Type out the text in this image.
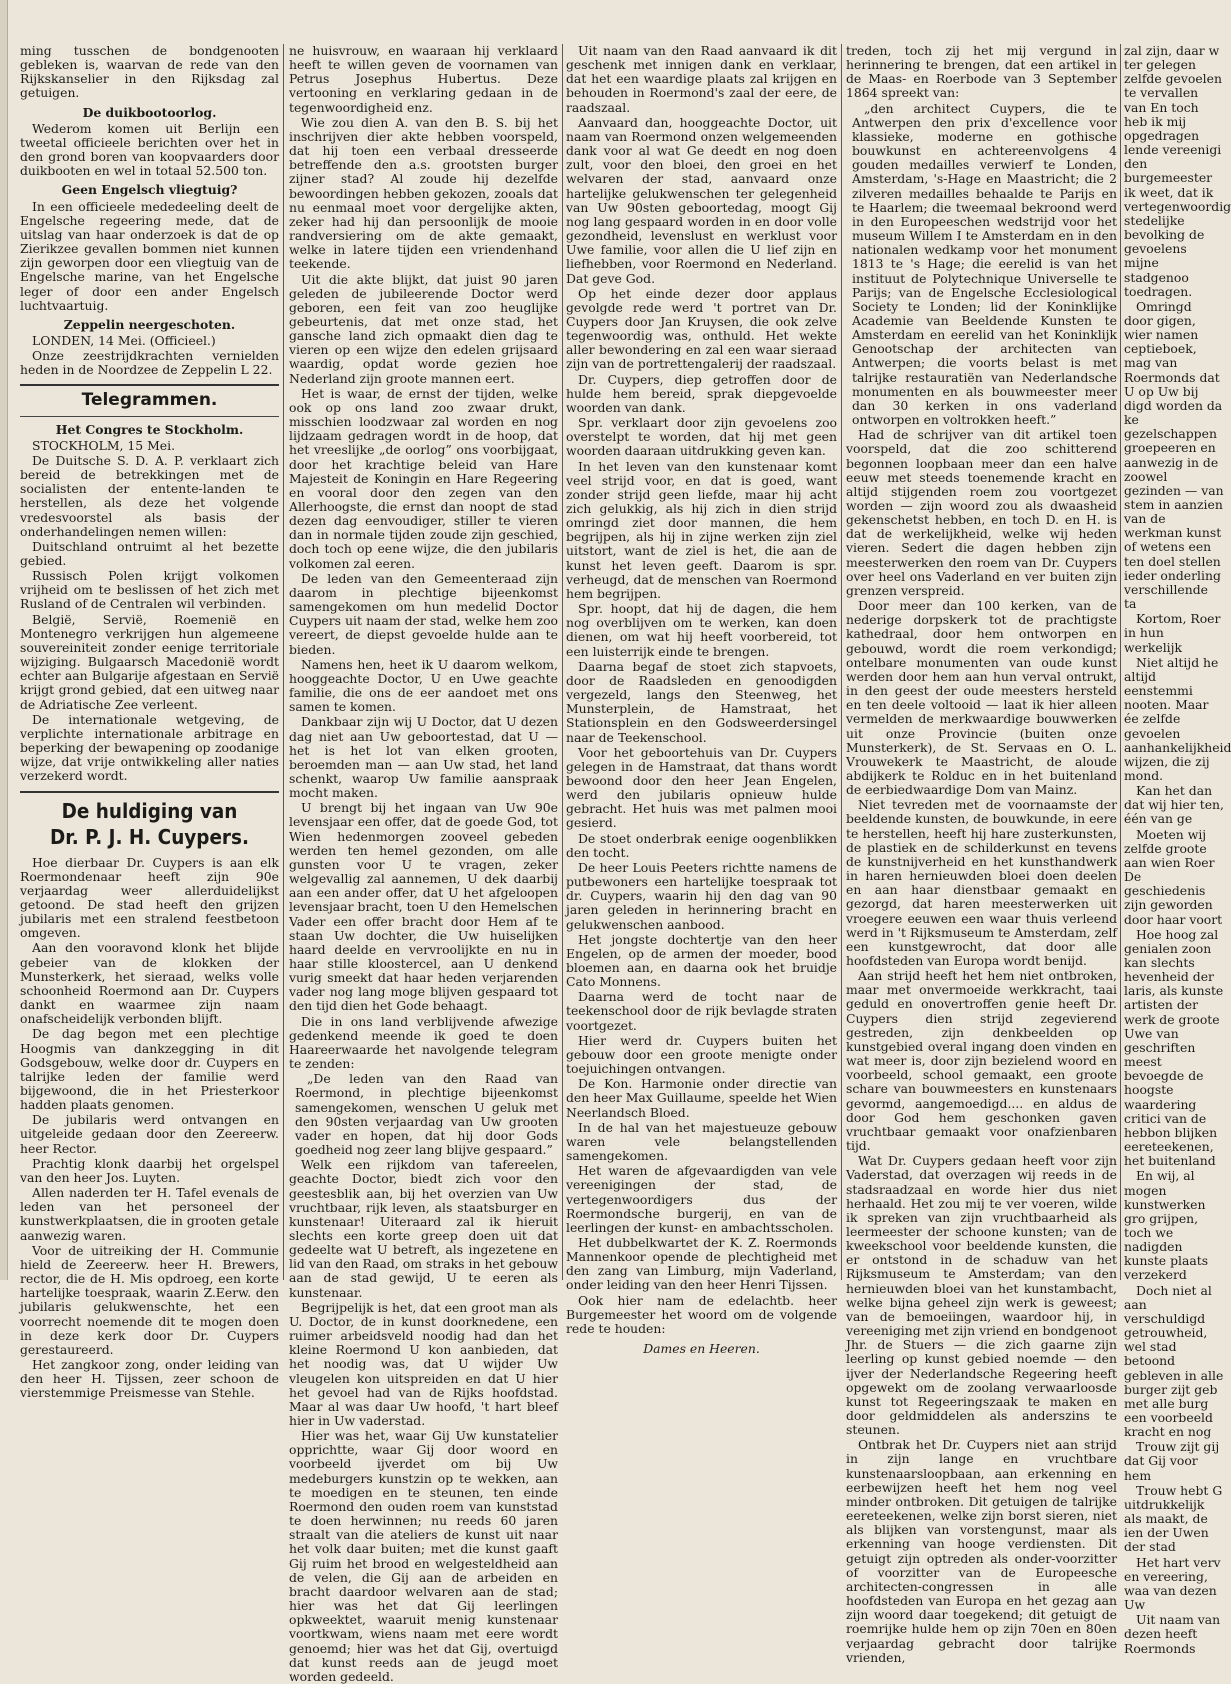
ming tusschen de bondgenooten gebleken is, waarvan de rede van den Rijkskanselier in den Rijksdag zal getuigen.

De duikbootoorlog.

Wederom komen uit Berlijn een tweetal officieele berichten over het in den grond boren van koopvaarders door duikbooten en wel in totaal 52.500 ton.

Geen Engelsch vliegtuig?

In een officieele mededeeling deelt de Engelsche regeering mede, dat de uitslag van haar onderzoek is dat de op Zierikzee gevallen bommen niet kunnen zijn geworpen door een vliegtuig van de Engelsche marine, van het Engelsche leger of door een ander Engelsch luchtvaartuig.

Zeppelin neergeschoten.

LONDEN, 14 Mei. (Officieel.)

Onze zeestrijdkrachten vernielden heden in de Noordzee de Zeppelin L 22.

Telegrammen.
Het Congres te Stockholm.

STOCKHOLM, 15 Mei.

De Duitsche S. D. A. P. verklaart zich bereid de betrekkingen met de socialisten der entente-landen te herstellen, als deze het volgende vredesvoorstel als basis der onderhandelingen nemen willen:

Duitschland ontruimt al het bezette gebied.

Russisch Polen krijgt volkomen vrijheid om te beslissen of het zich met Rusland of de Centralen wil verbinden.

België, Servië, Roemenië en Montenegro verkrijgen hun algemeene souvereiniteit zonder eenige territoriale wijziging. Bulgaarsch Macedonië wordt echter aan Bulgarije afgestaan en Servië krijgt grond gebied, dat een uitweg naar de Adriatische Zee verleent.

De internationale wetgeving, de verplichte internationale arbitrage en beperking der bewapening op zoodanige wijze, dat vrije ontwikkeling aller naties verzekerd wordt.

De huldiging van
Dr. P. J. H. Cuypers.

Hoe dierbaar Dr. Cuypers is aan elk Roermondenaar heeft zijn 90e verjaardag weer allerduidelijkst getoond. De stad heeft den grijzen jubilaris met een stralend feestbetoon omgeven.

Aan den vooravond klonk het blijde gebeier van de klokken der Munsterkerk, het sieraad, welks volle schoonheid Roermond aan Dr. Cuypers dankt en waarmee zijn naam onafscheidelijk verbonden blijft.

De dag begon met een plechtige Hoogmis van dankzegging in dit Godsgebouw, welke door dr. Cuypers en talrijke leden der familie werd bijgewoond, die in het Priesterkoor hadden plaats genomen.

De jubilaris werd ontvangen en uitgeleide gedaan door den Zeereerw. heer Rector.

Prachtig klonk daarbij het orgelspel van den heer Jos. Luyten.

Allen naderden ter H. Tafel evenals de leden van het personeel der kunstwerkplaatsen, die in grooten getale aanwezig waren.

Voor de uitreiking der H. Communie hield de Zeereerw. heer H. Brewers, rector, die de H. Mis opdroeg, een korte hartelijke toespraak, waarin Z.Eerw. den jubilaris gelukwenschte, het een voorrecht noemende dit te mogen doen in deze kerk door Dr. Cuypers gerestaureerd.

Het zangkoor zong, onder leiding van den heer H. Tijssen, zeer schoon de vierstemmige Preismesse van Stehle.

ne huisvrouw, en waaraan hij verklaard heeft te willen geven de voornamen van Petrus Josephus Hubertus. Deze vertooning en verklaring gedaan in de tegenwoordigheid enz.

Wie zou dien A. van den B. S. bij het inschrijven dier akte hebben voorspeld, dat hij toen een verbaal dresseerde betreffende den a.s. grootsten burger zijner stad? Al zoude hij dezelfde bewoordingen hebben gekozen, zooals dat nu eenmaal moet voor dergelijke akten, zeker had hij dan persoonlijk de mooie randversiering om de akte gemaakt, welke in latere tijden een vriendenhand teekende.

Uit die akte blijkt, dat juist 90 jaren geleden de jubileerende Doctor werd geboren, een feit van zoo heuglijke gebeurtenis, dat met onze stad, het gansche land zich opmaakt dien dag te vieren op een wijze den edelen grijsaard waardig, opdat worde gezien hoe Nederland zijn groote mannen eert.

Het is waar, de ernst der tijden, welke ook op ons land zoo zwaar drukt, misschien loodzwaar zal worden en nog lijdzaam gedragen wordt in de hoop, dat het vreeslijke „de oorlog” ons voorbijgaat, door het krachtige beleid van Hare Majesteit de Koningin en Hare Regeering en vooral door den zegen van den Allerhoogste, die ernst dan noopt de stad dezen dag eenvoudiger, stiller te vieren dan in normale tijden zoude zijn geschied, doch toch op eene wijze, die den jubilaris volkomen zal eeren.

De leden van den Gemeenteraad zijn daarom in plechtige bijeenkomst samengekomen om hun medelid Doctor Cuypers uit naam der stad, welke hem zoo vereert, de diepst gevoelde hulde aan te bieden.

Namens hen, heet ik U daarom welkom, hooggeachte Doctor, U en Uwe geachte familie, die ons de eer aandoet met ons samen te komen.

Dankbaar zijn wij U Doctor, dat U dezen dag niet aan Uw geboortestad, dat U — het is het lot van elken grooten, beroemden man — aan Uw stad, het land schenkt, waarop Uw familie aanspraak mocht maken.

U brengt bij het ingaan van Uw 90e levensjaar een offer, dat de goede God, tot Wien hedenmorgen zooveel gebeden werden ten hemel gezonden, om alle gunsten voor U te vragen, zeker welgevallig zal aannemen, U dek daarbij aan een ander offer, dat U het afgeloopen levensjaar bracht, toen U den Hemelschen Vader een offer bracht door Hem af te staan Uw dochter, die Uw huiselijken haard deelde en vervroolijkte en nu in haar stille kloostercel, aan U denkend vurig smeekt dat haar heden verjarenden vader nog lang moge blijven gespaard tot den tijd dien het Gode behaagt.

Die in ons land verblijvende afwezige gedenkend meende ik goed te doen Haareerwaarde het navolgende telegram te zenden:

„De leden van den Raad van Roermond, in plechtige bijeenkomst samengekomen, wenschen U geluk met den 90sten verjaardag van Uw grooten vader en hopen, dat hij door Gods goedheid nog zeer lang blijve gespaard.”

Welk een rijkdom van tafereelen, geachte Doctor, biedt zich voor den geestesblik aan, bij het overzien van Uw vruchtbaar, rijk leven, als staatsburger en kunstenaar! Uiteraard zal ik hieruit slechts een korte greep doen uit dat gedeelte wat U betreft, als ingezetene en lid van den Raad, om straks in het gebouw aan de stad gewijd, U te eeren als kunstenaar.

Begrijpelijk is het, dat een groot man als U. Doctor, de in kunst doorknedene, een ruimer arbeidsveld noodig had dan het kleine Roermond U kon aanbieden, dat het noodig was, dat U wijder Uw vleugelen kon uitspreiden en dat U hier het gevoel had van de Rijks hoofdstad. Maar al was daar Uw hoofd, 't hart bleef hier in Uw vaderstad.

Hier was het, waar Gij Uw kunstatelier opprichtte, waar Gij door woord en voorbeeld ijverdet om bij Uw medeburgers kunstzin op te wekken, aan te moedigen en te steunen, ten einde Roermond den ouden roem van kunststad te doen herwinnen; nu reeds 60 jaren straalt van die ateliers de kunst uit naar het volk daar buiten; met die kunst gaaft Gij ruim het brood en welgesteldheid aan de velen, die Gij aan de arbeiden en bracht daardoor welvaren aan de stad; hier was het dat Gij leerlingen opkweektet, waaruit menig kunstenaar voortkwam, wiens naam met eere wordt genoemd; hier was het dat Gij, overtuigd dat kunst reeds aan de jeugd moet worden gedeeld.

Uit naam van den Raad aanvaard ik dit geschenk met innigen dank en verklaar, dat het een waardige plaats zal krijgen en behouden in Roermond's zaal der eere, de raadszaal.

Aanvaard dan, hooggeachte Doctor, uit naam van Roermond onzen welgemeenden dank voor al wat Ge deedt en nog doen zult, voor den bloei, den groei en het welvaren der stad, aanvaard onze hartelijke gelukwenschen ter gelegenheid van Uw 90sten geboortedag, moogt Gij nog lang gespaard worden in en door volle gezondheid, levenslust en werklust voor Uwe familie, voor allen die U lief zijn en liefhebben, voor Roermond en Nederland. Dat geve God.

Op het einde dezer door applaus gevolgde rede werd 't portret van Dr. Cuypers door Jan Kruysen, die ook zelve tegenwoordig was, onthuld. Het wekte aller bewondering en zal een waar sieraad zijn van de portrettengalerij der raadszaal.

Dr. Cuypers, diep getroffen door de hulde hem bereid, sprak diepgevoelde woorden van dank.

Spr. verklaart door zijn gevoelens zoo overstelpt te worden, dat hij met geen woorden daaraan uitdrukking geven kan.

In het leven van den kunstenaar komt veel strijd voor, en dat is goed, want zonder strijd geen liefde, maar hij acht zich gelukkig, als hij zich in dien strijd omringd ziet door mannen, die hem begrijpen, als hij in zijne werken zijn ziel uitstort, want de ziel is het, die aan de kunst het leven geeft. Daarom is spr. verheugd, dat de menschen van Roermond hem begrijpen.

Spr. hoopt, dat hij de dagen, die hem nog overblijven om te werken, kan doen dienen, om wat hij heeft voorbereid, tot een luisterrijk einde te brengen.

Daarna begaf de stoet zich stapvoets, door de Raadsleden en genoodigden vergezeld, langs den Steenweg, het Munsterplein, de Hamstraat, het Stationsplein en den Godsweerdersingel naar de Teekenschool.

Voor het geboortehuis van Dr. Cuypers gelegen in de Hamstraat, dat thans wordt bewoond door den heer Jean Engelen, werd den jubilaris opnieuw hulde gebracht. Het huis was met palmen mooi gesierd.

De stoet onderbrak eenige oogenblikken den tocht.

De heer Louis Peeters richtte namens de putbewoners een hartelijke toespraak tot dr. Cuypers, waarin hij den dag van 90 jaren geleden in herinnering bracht en gelukwenschen aanbood.

Het jongste dochtertje van den heer Engelen, op de armen der moeder, bood bloemen aan, en daarna ook het bruidje Cato Monnens.

Daarna werd de tocht naar de teekenschool door de rijk bevlagde straten voortgezet.

Hier werd dr. Cuypers buiten het gebouw door een groote menigte onder toejuichingen ontvangen.

De Kon. Harmonie onder directie van den heer Max Guillaume, speelde het Wien Neerlandsch Bloed.

In de hal van het majestueuze gebouw waren vele belangstellenden samengekomen.

Het waren de afgevaardigden van vele vereenigingen der stad, de vertegenwoordigers dus der Roermondsche burgerij, en van de leerlingen der kunst- en ambachtsscholen.

Het dubbelkwartet der K. Z. Roermonds Mannenkoor opende de plechtigheid met den zang van Limburg, mijn Vaderland, onder leiding van den heer Henri Tijssen.

Ook hier nam de edelachtb. heer Burgemeester het woord om de volgende rede te houden:

Dames en Heeren.

treden, toch zij het mij vergund in herinnering te brengen, dat een artikel in de Maas- en Roerbode van 3 September 1864 spreekt van:

„den architect Cuypers, die te Antwerpen den prix d'excellence voor klassieke, moderne en gothische bouwkunst en achtereenvolgens 4 gouden medailles verwierf te Londen, Amsterdam, 's-Hage en Maastricht; die 2 zilveren medailles behaalde te Parijs en te Haarlem; die tweemaal bekroond werd in den Europeeschen wedstrijd voor het museum Willem I te Amsterdam en in den nationalen wedkamp voor het monument 1813 te 's Hage; die eerelid is van het instituut de Polytechnique Universelle te Parijs; van de Engelsche Ecclesiological Society te Londen; lid der Koninklijke Academie van Beeldende Kunsten te Amsterdam en eerelid van het Koninklijk Genootschap der architecten van Antwerpen; die voorts belast is met talrijke restauratiën van Nederlandsche monumenten en als bouwmeester meer dan 30 kerken in ons vaderland ontworpen en voltrokken heeft.”

Had de schrijver van dit artikel toen voorspeld, dat die zoo schitterend begonnen loopbaan meer dan een halve eeuw met steeds toenemende kracht en altijd stijgenden roem zou voortgezet worden — zijn woord zou als dwaasheid gekenschetst hebben, en toch D. en H. is dat de werkelijkheid, welke wij heden vieren. Sedert die dagen hebben zijn meesterwerken den roem van Dr. Cuypers over heel ons Vaderland en ver buiten zijn grenzen verspreid.

Door meer dan 100 kerken, van de nederige dorpskerk tot de prachtigste kathedraal, door hem ontworpen en gebouwd, wordt die roem verkondigd; ontelbare monumenten van oude kunst werden door hem aan hun verval ontrukt, in den geest der oude meesters hersteld en ten deele voltooid — laat ik hier alleen vermelden de merkwaardige bouwwerken uit onze Provincie (buiten onze Munsterkerk), de St. Servaas en O. L. Vrouwekerk te Maastricht, de aloude abdijkerk te Rolduc en in het buitenland de eerbiedwaardige Dom van Mainz.

Niet tevreden met de voornaamste der beeldende kunsten, de bouwkunde, in eere te herstellen, heeft hij hare zusterkunsten, de plastiek en de schilderkunst en tevens de kunstnijverheid en het kunsthandwerk in haren hernieuwden bloei doen deelen en aan haar dienstbaar gemaakt en gezorgd, dat haren meesterwerken uit vroegere eeuwen een waar thuis verleend werd in 't Rijksmuseum te Amsterdam, zelf een kunstgewrocht, dat door alle hoofdsteden van Europa wordt benijd.

Aan strijd heeft het hem niet ontbroken, maar met onvermoeide werkkracht, taai geduld en onovertroffen genie heeft Dr. Cuypers dien strijd zegevierend gestreden, zijn denkbeelden op kunstgebied overal ingang doen vinden en wat meer is, door zijn bezielend woord en voorbeeld, school gemaakt, een groote schare van bouwmeesters en kunstenaars gevormd, aangemoedigd.... en aldus de door God hem geschonken gaven vruchtbaar gemaakt voor onafzienbaren tijd.

Wat Dr. Cuypers gedaan heeft voor zijn Vaderstad, dat overzagen wij reeds in de stadsraadzaal en worde hier dus niet herhaald. Het zou mij te ver voeren, wilde ik spreken van zijn vruchtbaarheid als leermeester der schoone kunsten; van de kweekschool voor beeldende kunsten, die er ontstond in de schaduw van het Rijksmuseum te Amsterdam; van den hernieuwden bloei van het kunstambacht, welke bijna geheel zijn werk is geweest; van de bemoeiingen, waardoor hij, in vereeniging met zijn vriend en bondgenoot Jhr. de Stuers — die zich gaarne zijn leerling op kunst gebied noemde — den ijver der Nederlandsche Regeering heeft opgewekt om de zoolang verwaarloosde kunst tot Regeeringszaak te maken en door geldmiddelen als anderszins te steunen.

Ontbrak het Dr. Cuypers niet aan strijd in zijn lange en vruchtbare kunstenaarsloopbaan, aan erkenning en eerbewijzen heeft het hem nog veel minder ontbroken. Dit getuigen de talrijke eereteekenen, welke zijn borst sieren, niet als blijken van vorstengunst, maar als erkenning van hooge verdiensten. Dit getuigt zijn optreden als onder-voorzitter of voorzitter van de Europeesche architecten-congressen in alle hoofdsteden van Europa en het gezag aan zijn woord daar toegekend; dit getuigt de roemrijke hulde hem op zijn 70en en 80en verjaardag gebracht door talrijke vrienden,

zal zijn, daar w ter gelegen zelfde gevoelen te vervallen van En toch heb ik mij opgedragen lende vereenigi den burgemeester ik weet, dat ik vertegenwoordig stedelijke bevolking de gevoelens mijne stadgenoo toedragen.

Omringd door gigen, wier namen ceptieboek, mag van Roermonds dat U op Uw bij digd worden da ke gezelschappen groepeeren en aanwezig in de zoowel gezinden — van stem in aanzien van de werkman kunst of wetens een ten doel stellen ieder onderling verschillende ta

Kortom, Roer in hun werkelijk

Niet altijd he altijd eenstemmi nooten. Maar ée zelfde gevoelen aanhankelijkheid wijzen, die zij mond.

Kan het dan dat wij hier ten, één van ge

Moeten wij zelfde groote aan wien Roer De geschiedenis zijn geworden door haar voort

Hoe hoog zal genialen zoon kan slechts hevenheid der laris, als kunste artisten der werk de groote Uwe van geschriften meest bevoegde de hoogste waardering critici van de hebbon blijken eereteekenen, het buitenland

En wij, al mogen kunstwerken gro grijpen, toch we nadigden kunste plaats verzekerd

Doch niet al aan verschuldigd getrouwheid, wel stad betoond gebleven in alle burger zijt geb met alle burg een voorbeeld kracht en nog

Trouw zijt gij dat Gij voor hem

Trouw hebt G uitdrukkelijk als maakt, de ien der Uwen der stad

Het hart verv en vereering, waa van dezen Uw

Uit naam van dezen heeft Roermonds
